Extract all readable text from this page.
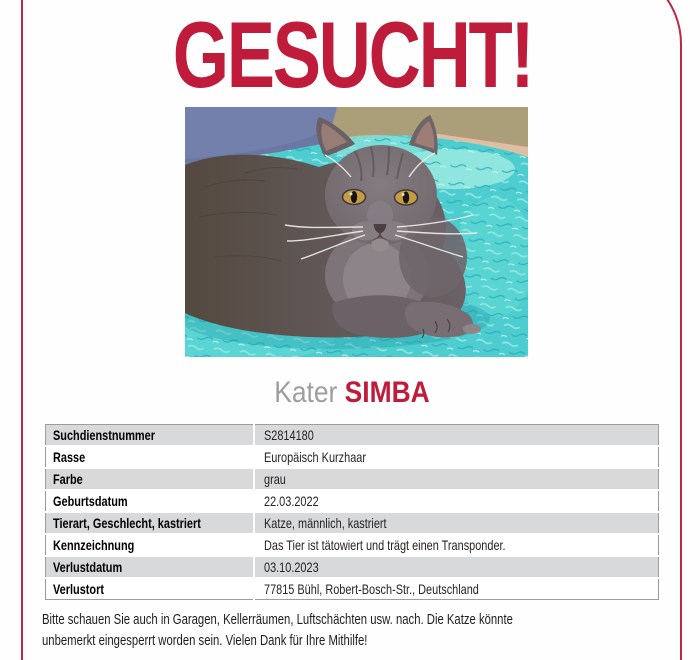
GESUCHT!
Kater SIMBA
Suchdienstnummer	S2814180
Rasse	Europäisch Kurzhaar
Farbe	grau
Geburtsdatum	22.03.2022
Tierart, Geschlecht, kastriert	Katze, männlich, kastriert
Kennzeichnung	Das Tier ist tätowiert und trägt einen Transponder.
Verlustdatum	03.10.2023
Verlustort	77815 Bühl, Robert-Bosch-Str., Deutschland
Bitte schauen Sie auch in Garagen, Kellerräumen, Luftschächten usw. nach. Die Katze könnte unbemerkt eingesperrt worden sein. Vielen Dank für Ihre Mithilfe!
